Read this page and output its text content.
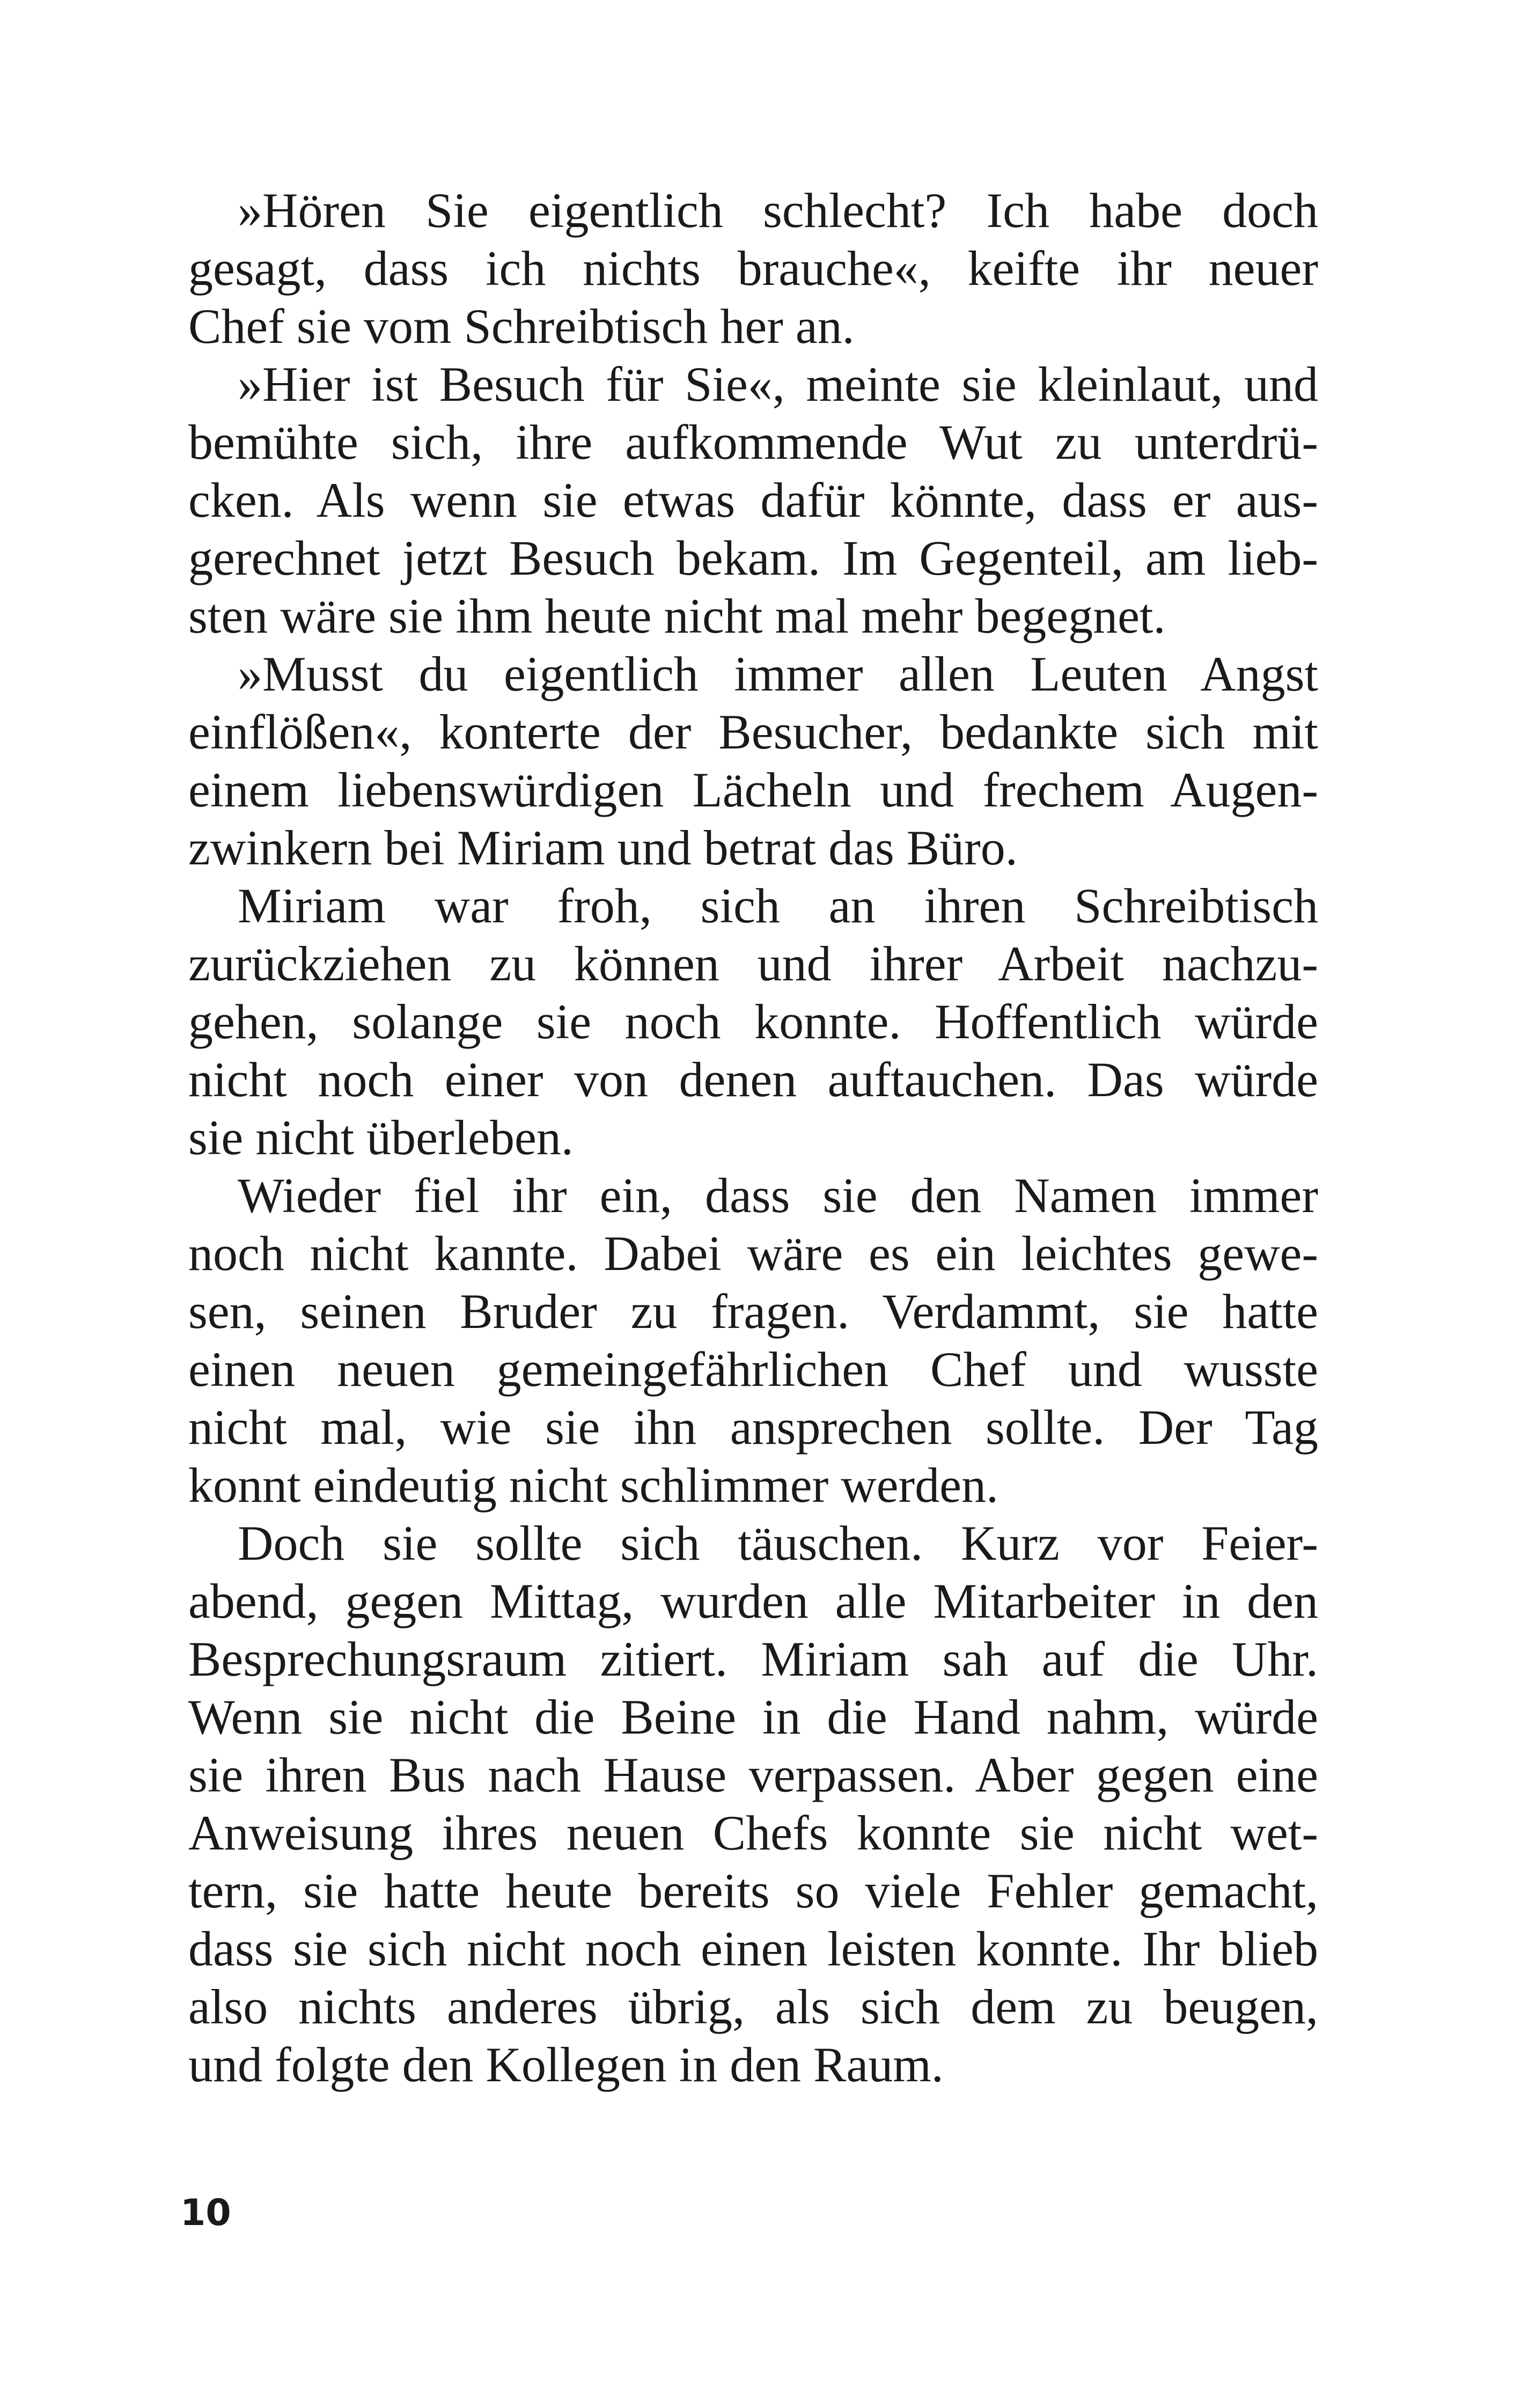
»Hören Sie eigentlich schlecht? Ich habe doch
gesagt, dass ich nichts brauche«, keifte ihr neuer
Chef sie vom Schreibtisch her an.
»Hier ist Besuch für Sie«, meinte sie kleinlaut, und
bemühte sich, ihre aufkommende Wut zu unterdrü-
cken. Als wenn sie etwas dafür könnte, dass er aus-
gerechnet jetzt Besuch bekam. Im Gegenteil, am lieb-
sten wäre sie ihm heute nicht mal mehr begegnet.
»Musst du eigentlich immer allen Leuten Angst
einflößen«, konterte der Besucher, bedankte sich mit
einem liebenswürdigen Lächeln und frechem Augen-
zwinkern bei Miriam und betrat das Büro.
Miriam war froh, sich an ihren Schreibtisch
zurückziehen zu können und ihrer Arbeit nachzu-
gehen, solange sie noch konnte. Hoffentlich würde
nicht noch einer von denen auftauchen. Das würde
sie nicht überleben.
Wieder fiel ihr ein, dass sie den Namen immer
noch nicht kannte. Dabei wäre es ein leichtes gewe-
sen, seinen Bruder zu fragen. Verdammt, sie hatte
einen neuen gemeingefährlichen Chef und wusste
nicht mal, wie sie ihn ansprechen sollte. Der Tag
konnt eindeutig nicht schlimmer werden.
Doch sie sollte sich täuschen. Kurz vor Feier-
abend, gegen Mittag, wurden alle Mitarbeiter in den
Besprechungsraum zitiert. Miriam sah auf die Uhr.
Wenn sie nicht die Beine in die Hand nahm, würde
sie ihren Bus nach Hause verpassen. Aber gegen eine
Anweisung ihres neuen Chefs konnte sie nicht wet-
tern, sie hatte heute bereits so viele Fehler gemacht,
dass sie sich nicht noch einen leisten konnte. Ihr blieb
also nichts anderes übrig, als sich dem zu beugen,
und folgte den Kollegen in den Raum.
10
